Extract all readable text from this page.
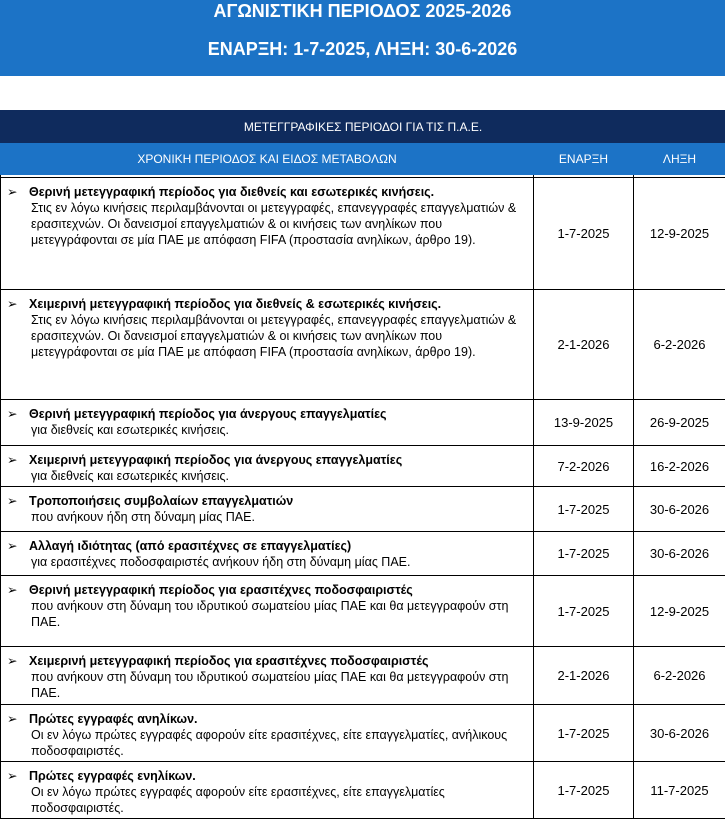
ΑΓΩΝΙΣΤΙΚΗ ΠΕΡΙΟΔΟΣ 2025-2026
ΕΝΑΡΞΗ: 1-7-2025, ΛΗΞΗ: 30-6-2026
ΜΕΤΕΓΓΡΑΦΙΚΕΣ ΠΕΡΙΟΔΟΙ ΓΙΑ ΤΙΣ Π.Α.Ε.		
ΧΡΟΝΙΚΗ ΠΕΡΙΟΔΟΣ ΚΑΙ ΕΙΔΟΣ ΜΕΤΑΒΟΛΩΝ	ΕΝΑΡΞΗ	ΛΗΞΗ

➢ Θερινή μετεγγραφική περίοδος για διεθνείς και εσωτερικές κινήσεις.
Στις εν λόγω κινήσεις περιλαμβάνονται οι μετεγγραφές, επανεγγραφές επαγγελματιών & ερασιτεχνών. Οι δανεισμοί επαγγελματιών & οι κινήσεις των ανηλίκων που μετεγγράφονται σε μία ΠΑΕ με απόφαση FIFA (προστασία ανηλίκων, άρθρο 19).	1-7-2025	12-9-2025

➢ Χειμερινή μετεγγραφική περίοδος για διεθνείς & εσωτερικές κινήσεις.
Στις εν λόγω κινήσεις περιλαμβάνονται οι μετεγγραφές, επανεγγραφές επαγγελματιών & ερασιτεχνών. Οι δανεισμοί επαγγελματιών & οι κινήσεις των ανηλίκων που μετεγγράφονται σε μία ΠΑΕ με απόφαση FIFA (προστασία ανηλίκων, άρθρο 19).	2-1-2026	6-2-2026

➢ Θερινή μετεγγραφική περίοδος για άνεργους επαγγελματίες
για διεθνείς και εσωτερικές κινήσεις.	13-9-2025	26-9-2025

➢ Χειμερινή μετεγγραφική περίοδος για άνεργους επαγγελματίες
για διεθνείς και εσωτερικές κινήσεις.	7-2-2026	16-2-2026

➢ Τροποποιήσεις συμβολαίων επαγγελματιών
που ανήκουν ήδη στη δύναμη μίας ΠΑΕ.	1-7-2025	30-6-2026

➢ Αλλαγή ιδιότητας (από ερασιτέχνες σε επαγγελματίες)
για ερασιτέχνες ποδοσφαιριστές ανήκουν ήδη στη δύναμη μίας ΠΑΕ.	1-7-2025	30-6-2026

➢ Θερινή μετεγγραφική περίοδος για ερασιτέχνες ποδοσφαιριστές
που ανήκουν στη δύναμη του ιδρυτικού σωματείου μίας ΠΑΕ και θα μετεγγραφούν στη ΠΑΕ.	1-7-2025	12-9-2025

➢ Χειμερινή μετεγγραφική περίοδος για ερασιτέχνες ποδοσφαιριστές
που ανήκουν στη δύναμη του ιδρυτικού σωματείου μίας ΠΑΕ και θα μετεγγραφούν στη ΠΑΕ.	2-1-2026	6-2-2026

➢ Πρώτες εγγραφές ανηλίκων.
Οι εν λόγω πρώτες εγγραφές αφορούν είτε ερασιτέχνες, είτε επαγγελματίες, ανήλικους ποδοσφαιριστές.	1-7-2025	30-6-2026

➢ Πρώτες εγγραφές ενηλίκων.
Οι εν λόγω πρώτες εγγραφές αφορούν είτε ερασιτέχνες, είτε επαγγελματίες ποδοσφαιριστές.	1-7-2025	11-7-2025
